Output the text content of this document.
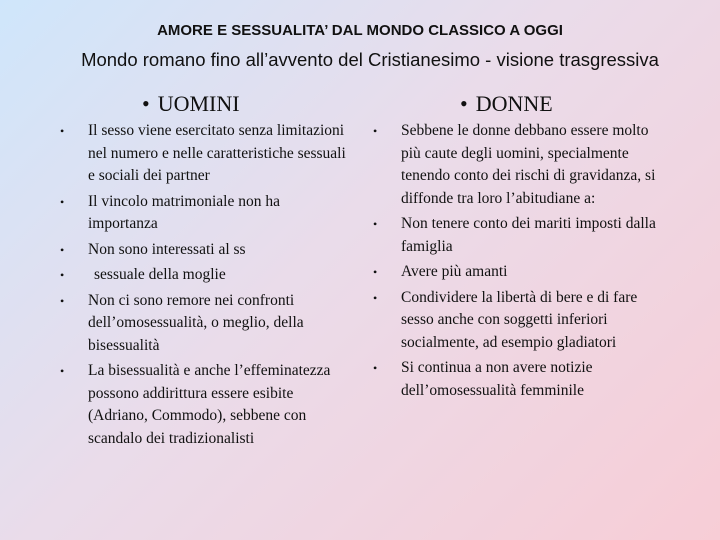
AMORE E SESSUALITA’ DAL MONDO CLASSICO A OGGI
Mondo romano fino all’avvento del Cristianesimo - visione trasgressiva
• UOMINI	• DONNE
• Il sesso viene esercitato senza limitazioni nel numero e nelle caratteristiche sessuali e sociali dei partner
• Il vincolo matrimoniale non ha importanza
• Non sono interessati al ss
• sessuale della moglie
• Non ci sono remore nei confronti dell’omosessualità, o meglio, della bisessualità
• La bisessualità e anche l’effeminatezza possono addirittura essere esibite (Adriano, Commodo), sebbene con scandalo dei tradizionalisti
• Sebbene le donne debbano essere molto più caute degli uomini, specialmente tenendo conto dei rischi di gravidanza, si diffonde tra loro l’abitudiane a:
• Non tenere conto dei mariti imposti dalla famiglia
• Avere più amanti
• Condividere la libertà di bere e di fare sesso anche con soggetti inferiori socialmente, ad esempio gladiatori
• Si continua a non avere notizie dell’omosessualità femminile
